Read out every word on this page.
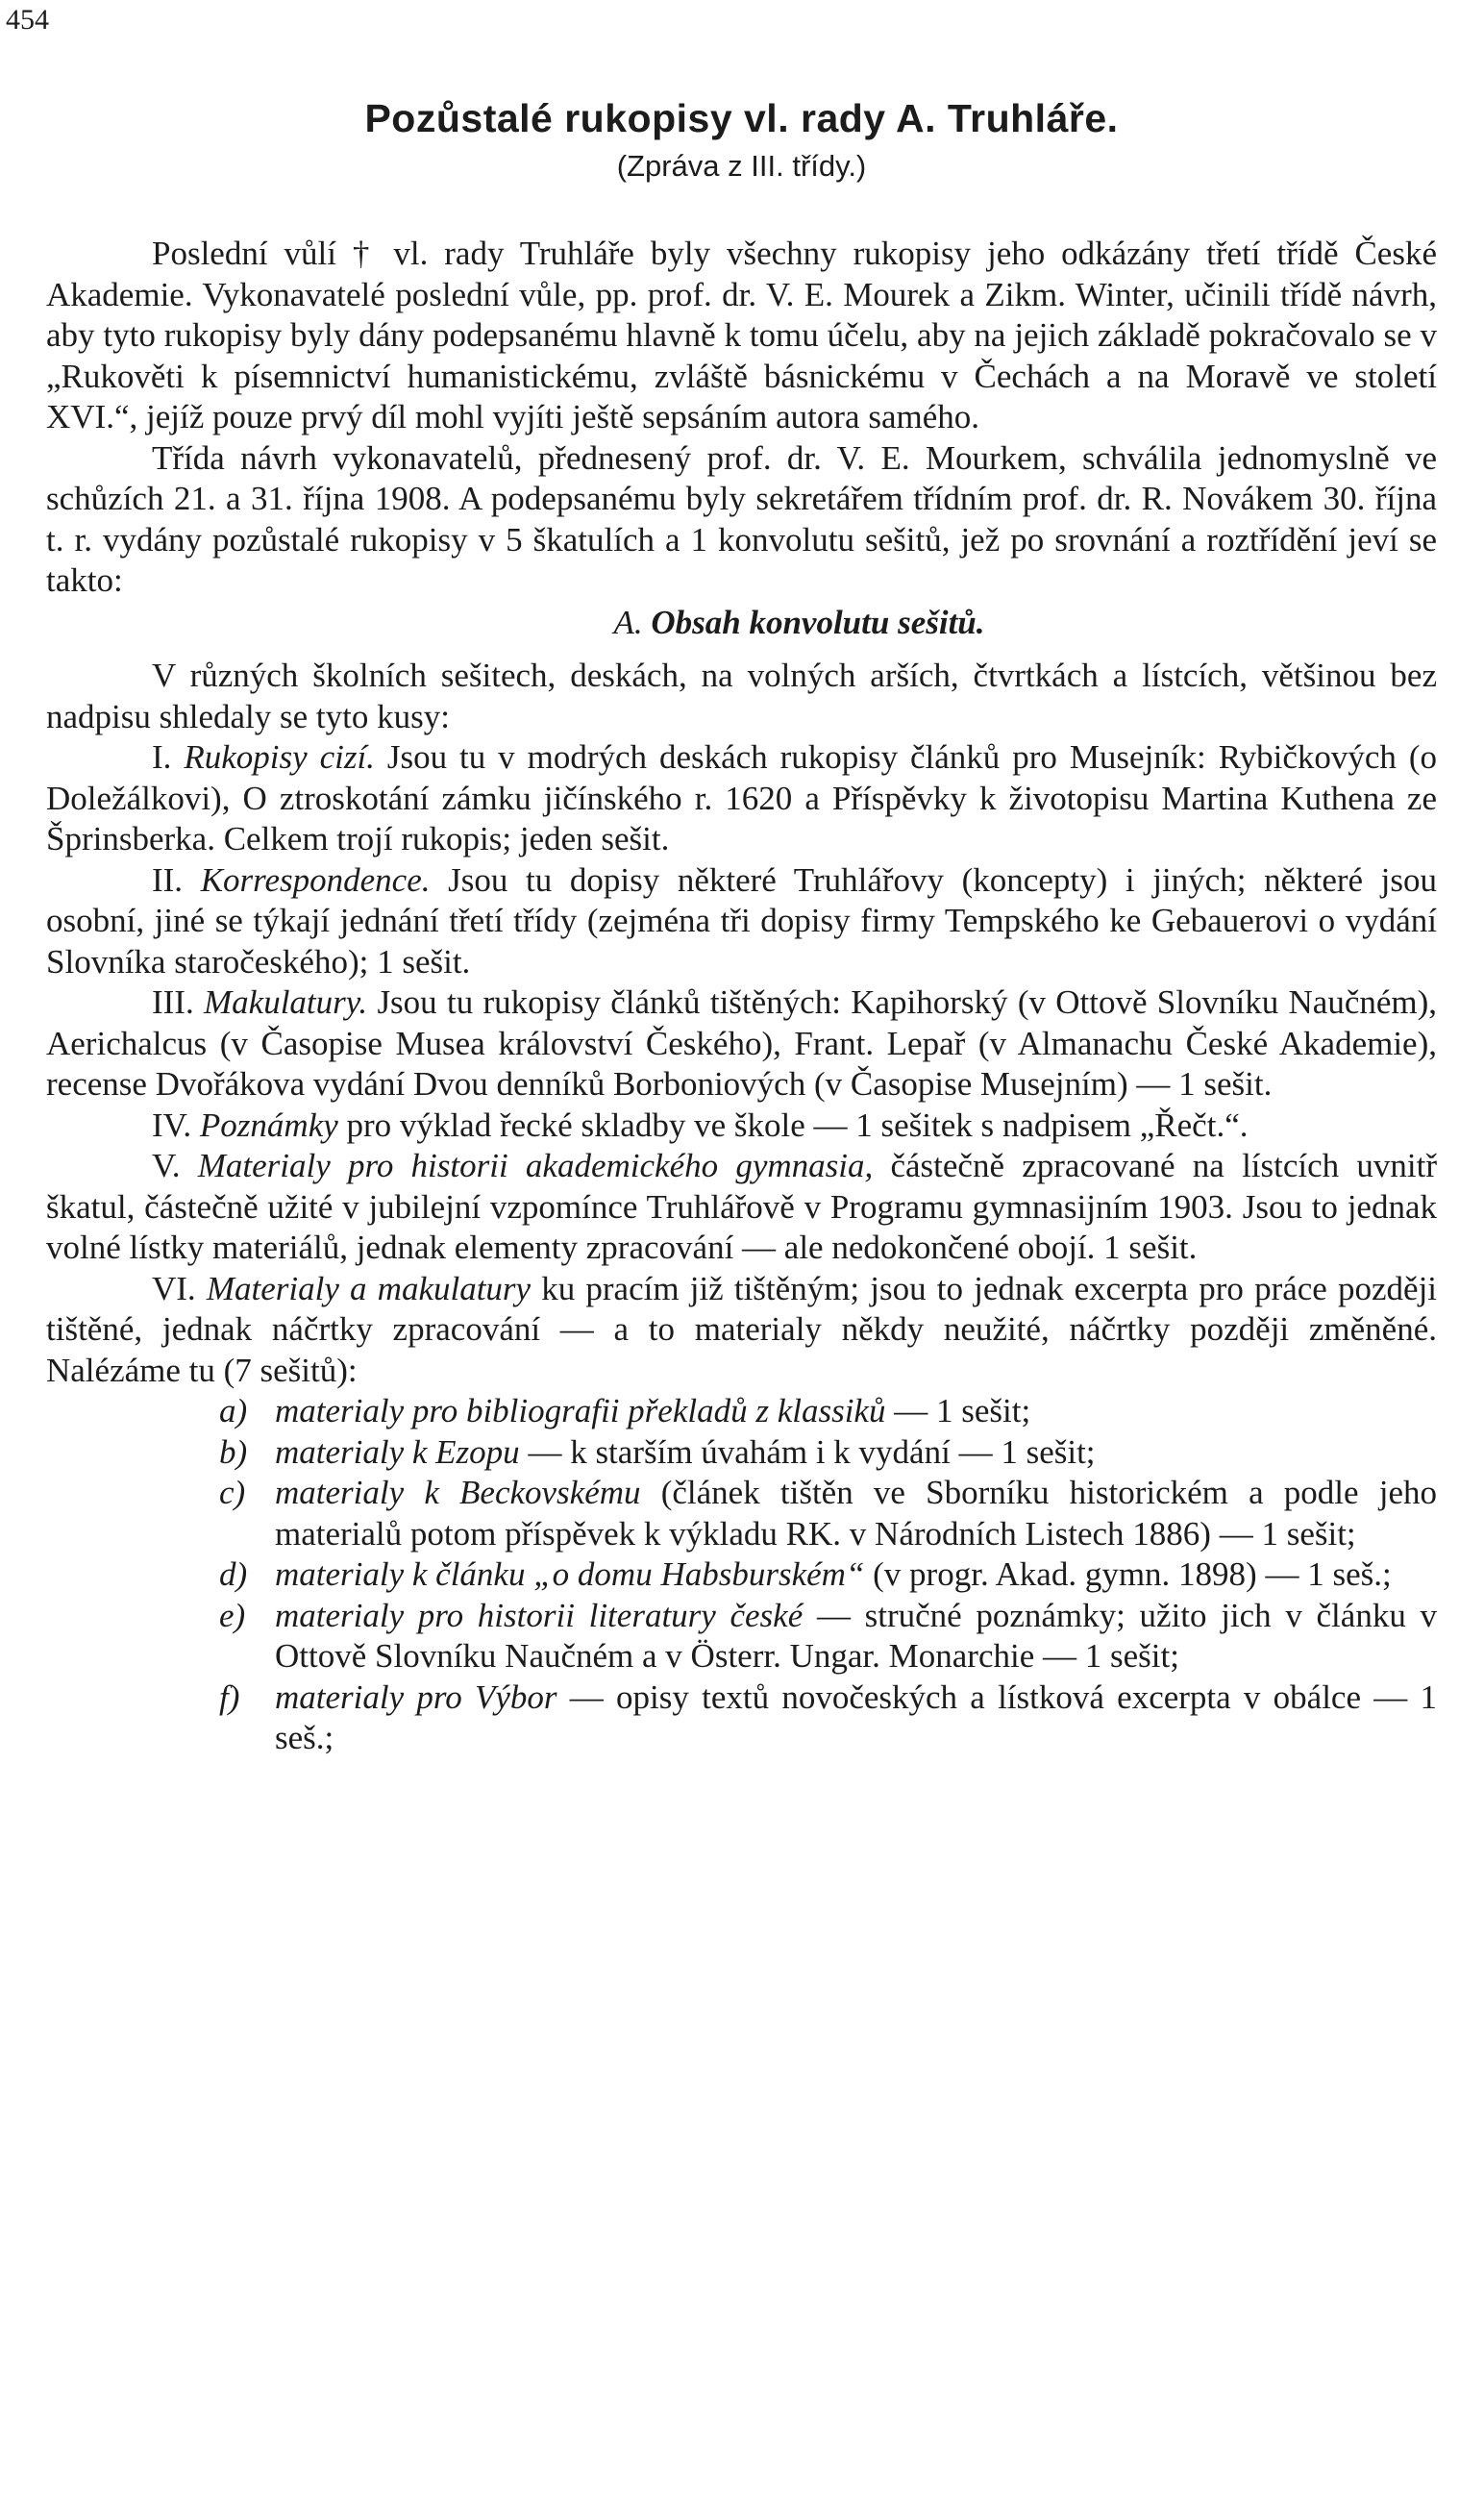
454
Pozůstalé rukopisy vl. rady A. Truhláře.
(Zpráva z III. třídy.)

Poslední vůlí † vl. rady Truhláře byly všechny rukopisy jeho odkázány třetí třídě České Akademie. Vykonavatelé poslední vůle, pp. prof. dr. V. E. Mourek a Zikm. Winter, učinili třídě návrh, aby tyto rukopisy byly dány podepsanému hlavně k tomu účelu, aby na jejich základě pokračovalo se v „Rukověti k písemnictví humanistickému, zvláště básnickému v Čechách a na Moravě ve století XVI.“, jejíž pouze prvý díl mohl vyjíti ještě sepsáním autora samého.

Třída návrh vykonavatelů, přednesený prof. dr. V. E. Mourkem, schválila jednomyslně ve schůzích 21. a 31. října 1908. A podepsanému byly sekretářem třídním prof. dr. R. Novákem 30. října t. r. vydány pozůstalé rukopisy v 5 škatulích a 1 konvolutu sešitů, jež po srovnání a roztřídění jeví se takto:

A. Obsah konvolutu sešitů.

V různých školních sešitech, deskách, na volných arších, čtvrtkách a lístcích, většinou bez nadpisu shledaly se tyto kusy:

I. Rukopisy cizí. Jsou tu v modrých deskách rukopisy článků pro Musejník: Rybičkových (o Doležálkovi), O ztroskotání zámku jičínského r. 1620 a Příspěvky k životopisu Martina Kuthena ze Šprinsberka. Celkem trojí rukopis; jeden sešit.

II. Korrespondence. Jsou tu dopisy některé Truhlářovy (koncepty) i jiných; některé jsou osobní, jiné se týkají jednání třetí třídy (zejména tři dopisy firmy Tempského ke Gebauerovi o vydání Slovníka staročeského); 1 sešit.

III. Makulatury. Jsou tu rukopisy článků tištěných: Kapihorský (v Ottově Slovníku Naučném), Aerichalcus (v Časopise Musea království Českého), Frant. Lepař (v Almanachu České Akademie), recense Dvořákova vydání Dvou denníků Borboniových (v Časopise Musejním) — 1 sešit.

IV. Poznámky pro výklad řecké skladby ve škole — 1 sešitek s nadpisem „Řečt.“.

V. Materialy pro historii akademického gymnasia, částečně zpracované na lístcích uvnitř škatul, částečně užité v jubilejní vzpomínce Truhlářově v Programu gymnasijním 1903. Jsou to jednak volné lístky materiálů, jednak elementy zpracování — ale nedokončené obojí. 1 sešit.

VI. Materialy a makulatury ku pracím již tištěným; jsou to jednak excerpta pro práce později tištěné, jednak náčrtky zpracování — a to materialy někdy neužité, náčrtky později změněné. Nalézáme tu (7 sešitů):

a) materialy pro bibliografii překladů z klassiků — 1 sešit;
b) materialy k Ezopu — k starším úvahám i k vydání — 1 sešit;
c) materialy k Beckovskému (článek tištěn ve Sborníku historickém a podle jeho materialů potom příspěvek k výkladu RK. v Národních Listech 1886) — 1 sešit;
d) materialy k článku „o domu Habsburském“ (v progr. Akad. gymn. 1898) — 1 seš.;
e) materialy pro historii literatury české — stručné poznámky; užito jich v článku v Ottově Slovníku Naučném a v Österr. Ungar. Monarchie — 1 sešit;
f) materialy pro Výbor — opisy textů novočeských a lístková excerpta v obálce — 1 seš.;
